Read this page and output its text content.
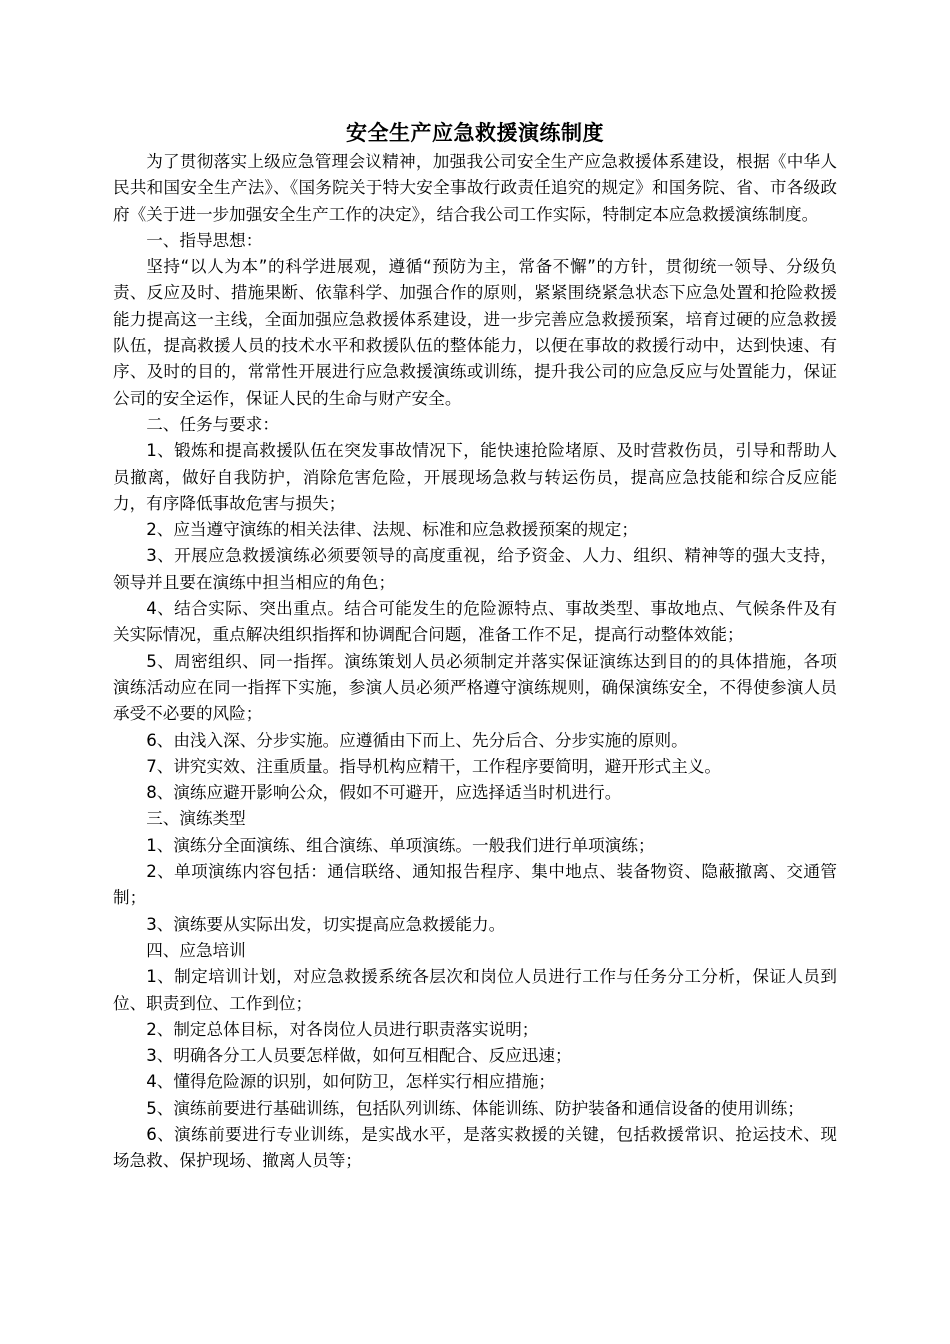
安全生产应急救援演练制度

为了贯彻落实上级应急管理会议精神，加强我公司安全生产应急救援体系建设，根据《中华人民共和国安全生产法》、《国务院关于特大安全事故行政责任追究的规定》和国务院、省、市各级政府《关于进一步加强安全生产工作的决定》，结合我公司工作实际，特制定本应急救援演练制度。

一、指导思想：

坚持“以人为本”的科学进展观，遵循“预防为主，常备不懈”的方针，贯彻统一领导、分级负责、反应及时、措施果断、依靠科学、加强合作的原则，紧紧围绕紧急状态下应急处置和抢险救援能力提高这一主线，全面加强应急救援体系建设，进一步完善应急救援预案，培育过硬的应急救援队伍，提高救援人员的技术水平和救援队伍的整体能力，以便在事故的救援行动中，达到快速、有序、及时的目的，常常性开展进行应急救援演练或训练，提升我公司的应急反应与处置能力，保证公司的安全运作，保证人民的生命与财产安全。

二、任务与要求：

1、锻炼和提高救援队伍在突发事故情况下，能快速抢险堵原、及时营救伤员，引导和帮助人员撤离，做好自我防护，消除危害危险，开展现场急救与转运伤员，提高应急技能和综合反应能力，有序降低事故危害与损失；

2、应当遵守演练的相关法律、法规、标准和应急救援预案的规定；

3、开展应急救援演练必须要领导的高度重视，给予资金、人力、组织、精神等的强大支持，领导并且要在演练中担当相应的角色；

4、结合实际、突出重点。结合可能发生的危险源特点、事故类型、事故地点、气候条件及有关实际情况，重点解决组织指挥和协调配合问题，准备工作不足，提高行动整体效能；

5、周密组织、同一指挥。演练策划人员必须制定并落实保证演练达到目的的具体措施，各项演练活动应在同一指挥下实施，参演人员必须严格遵守演练规则，确保演练安全，不得使参演人员承受不必要的风险；

6、由浅入深、分步实施。应遵循由下而上、先分后合、分步实施的原则。

7、讲究实效、注重质量。指导机构应精干，工作程序要简明，避开形式主义。

8、演练应避开影响公众，假如不可避开，应选择适当时机进行。

三、演练类型

1、演练分全面演练、组合演练、单项演练。一般我们进行单项演练；

2、单项演练内容包括：通信联络、通知报告程序、集中地点、装备物资、隐蔽撤离、交通管制；

3、演练要从实际出发，切实提高应急救援能力。

四、应急培训

1、制定培训计划，对应急救援系统各层次和岗位人员进行工作与任务分工分析，保证人员到位、职责到位、工作到位；

2、制定总体目标，对各岗位人员进行职责落实说明；

3、明确各分工人员要怎样做，如何互相配合、反应迅速；

4、懂得危险源的识别，如何防卫，怎样实行相应措施；

5、演练前要进行基础训练，包括队列训练、体能训练、防护装备和通信设备的使用训练；

6、演练前要进行专业训练，是实战水平，是落实救援的关键，包括救援常识、抢运技术、现场急救、保护现场、撤离人员等；
